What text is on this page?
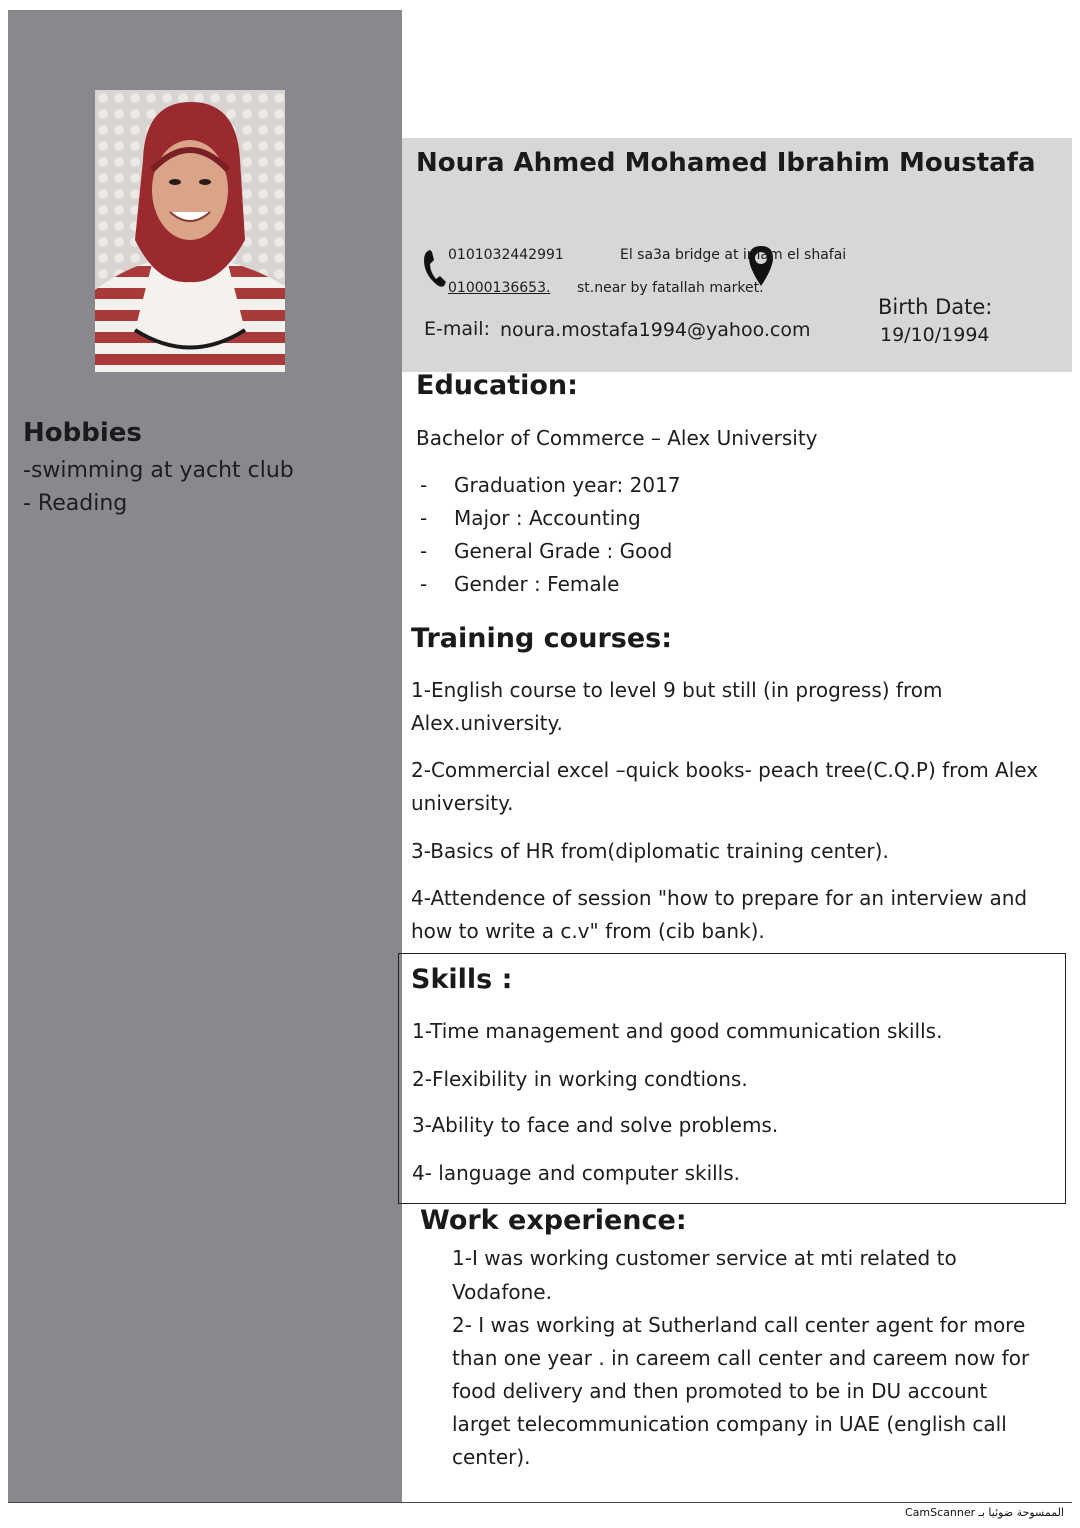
Hobbies
-swimming at yacht club
- Reading
Noura Ahmed Mohamed Ibrahim Moustafa
0101032442991
01000136653.
El sa3a bridge at imam el shafai
st.near by fatallah market.
E-mail: noura.mostafa1994@yahoo.com
Birth Date:
19/10/1994
Education:
Bachelor of Commerce – Alex University
- Graduation year: 2017
- Major : Accounting
- General Grade : Good
- Gender : Female
Training courses:
1-English course to level 9 but still (in progress) from
Alex.university.
2-Commercial excel –quick books- peach tree(C.Q.P) from Alex
university.
3-Basics of HR from(diplomatic training center).
4-Attendence of session "how to prepare for an interview and
how to write a c.v" from (cib bank).
Skills :
1-Time management and good communication skills.
2-Flexibility in working condtions.
3-Ability to face and solve problems.
4- language and computer skills.
Work experience:
1-I was working customer service at mti related to
Vodafone.
2- I was working at Sutherland call center agent for more
than one year . in careem call center and careem now for
food delivery and then promoted to be in DU account
larget telecommunication company in UAE (english call
center).
CamScanner الممسوحة ضوئيا بـ
